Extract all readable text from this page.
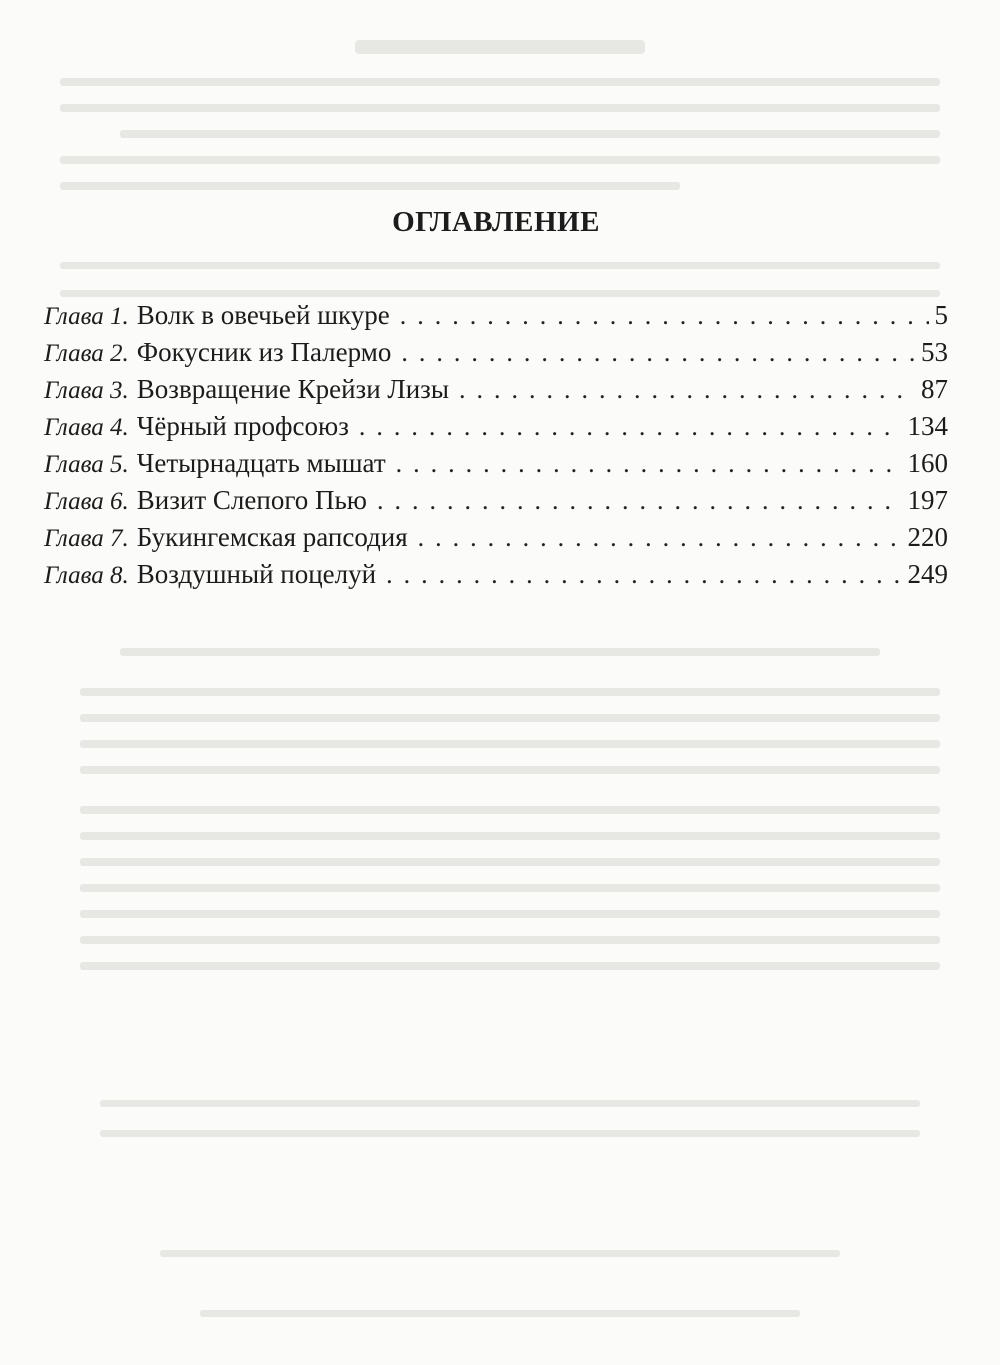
ОГЛАВЛЕНИЕ
Глава 1. Волк в овечьей шкуре . . .	5
Глава 2. Фокусник из Палермо . . .	53
Глава 3. Возвращение Крейзи Лизы . . .	87
Глава 4. Чёрный профсоюз . . .	134
Глава 5. Четырнадцать мышат . . .	160
Глава 6. Визит Слепого Пью . . .	197
Глава 7. Букингемская рапсодия . . .	220
Глава 8. Воздушный поцелуй . . .	249
